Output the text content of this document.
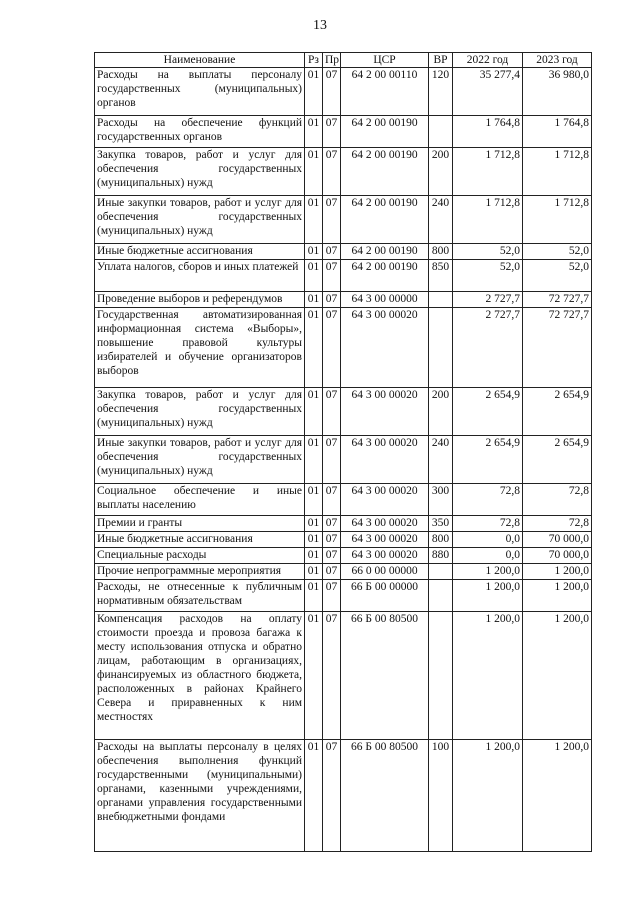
13
Наименование	Рз	Пр	ЦСР	ВР	2022 год	2023 год
Расходы на выплаты персоналу государственных (муниципальных) органов	01	07	64 2 00 00110	120	35 277,4	36 980,0
Расходы на обеспечение функций государственных органов	01	07	64 2 00 00190		1 764,8	1 764,8
Закупка товаров, работ и услуг для обеспечения государственных (муниципальных) нужд	01	07	64 2 00 00190	200	1 712,8	1 712,8
Иные закупки товаров, работ и услуг для обеспечения государственных (муниципальных) нужд	01	07	64 2 00 00190	240	1 712,8	1 712,8
Иные бюджетные ассигнования	01	07	64 2 00 00190	800	52,0	52,0
Уплата налогов, сборов и иных платежей	01	07	64 2 00 00190	850	52,0	52,0
Проведение выборов и референдумов	01	07	64 3 00 00000		2 727,7	72 727,7
Государственная автоматизированная информационная система «Выборы», повышение правовой культуры избирателей и обучение организаторов выборов	01	07	64 3 00 00020		2 727,7	72 727,7
Закупка товаров, работ и услуг для обеспечения государственных (муниципальных) нужд	01	07	64 3 00 00020	200	2 654,9	2 654,9
Иные закупки товаров, работ и услуг для обеспечения государственных (муниципальных) нужд	01	07	64 3 00 00020	240	2 654,9	2 654,9
Социальное обеспечение и иные выплаты населению	01	07	64 3 00 00020	300	72,8	72,8
Премии и гранты	01	07	64 3 00 00020	350	72,8	72,8
Иные бюджетные ассигнования	01	07	64 3 00 00020	800	0,0	70 000,0
Специальные расходы	01	07	64 3 00 00020	880	0,0	70 000,0
Прочие непрограммные мероприятия	01	07	66 0 00 00000		1 200,0	1 200,0
Расходы, не отнесенные к публичным нормативным обязательствам	01	07	66 Б 00 00000		1 200,0	1 200,0
Компенсация расходов на оплату стоимости проезда и провоза багажа к месту использования отпуска и обратно лицам, работающим в организациях, финансируемых из областного бюджета, расположенных в районах Крайнего Севера и приравненных к ним местностях	01	07	66 Б 00 80500		1 200,0	1 200,0
Расходы на выплаты персоналу в целях обеспечения выполнения функций государственными (муниципальными) органами, казенными учреждениями, органами управления государственными внебюджетными фондами	01	07	66 Б 00 80500	100	1 200,0	1 200,0
